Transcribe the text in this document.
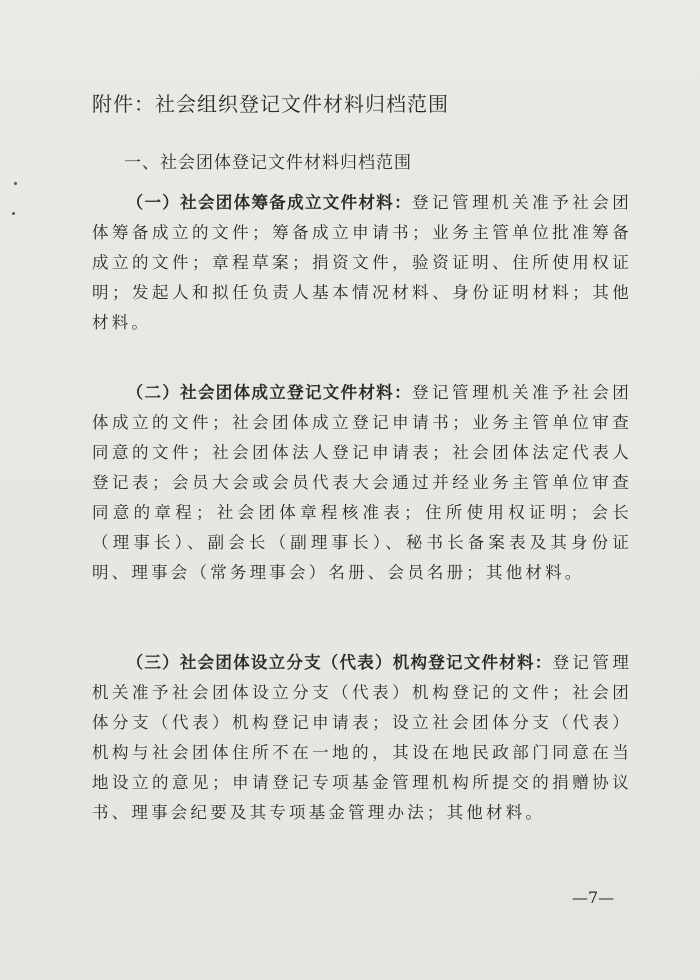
附件：社会组织登记文件材料归档范围
一、社会团体登记文件材料归档范围
（一）社会团体筹备成立文件材料：登记管理机关准予社会团体筹备成立的文件；筹备成立申请书；业务主管单位批准筹备成立的文件；章程草案；捐资文件，验资证明、住所使用权证明；发起人和拟任负责人基本情况材料、身份证明材料；其他材料。
（二）社会团体成立登记文件材料：登记管理机关准予社会团体成立的文件；社会团体成立登记申请书；业务主管单位审查同意的文件；社会团体法人登记申请表；社会团体法定代表人登记表；会员大会或会员代表大会通过并经业务主管单位审查同意的章程；社会团体章程核准表；住所使用权证明；会长（理事长）、副会长（副理事长）、秘书长备案表及其身份证明、理事会（常务理事会）名册、会员名册；其他材料。
（三）社会团体设立分支（代表）机构登记文件材料：登记管理机关准予社会团体设立分支（代表）机构登记的文件；社会团体分支（代表）机构登记申请表；设立社会团体分支（代表）机构与社会团体住所不在一地的，其设在地民政部门同意在当地设立的意见；申请登记专项基金管理机构所提交的捐赠协议书、理事会纪要及其专项基金管理办法；其他材料。
—7—
